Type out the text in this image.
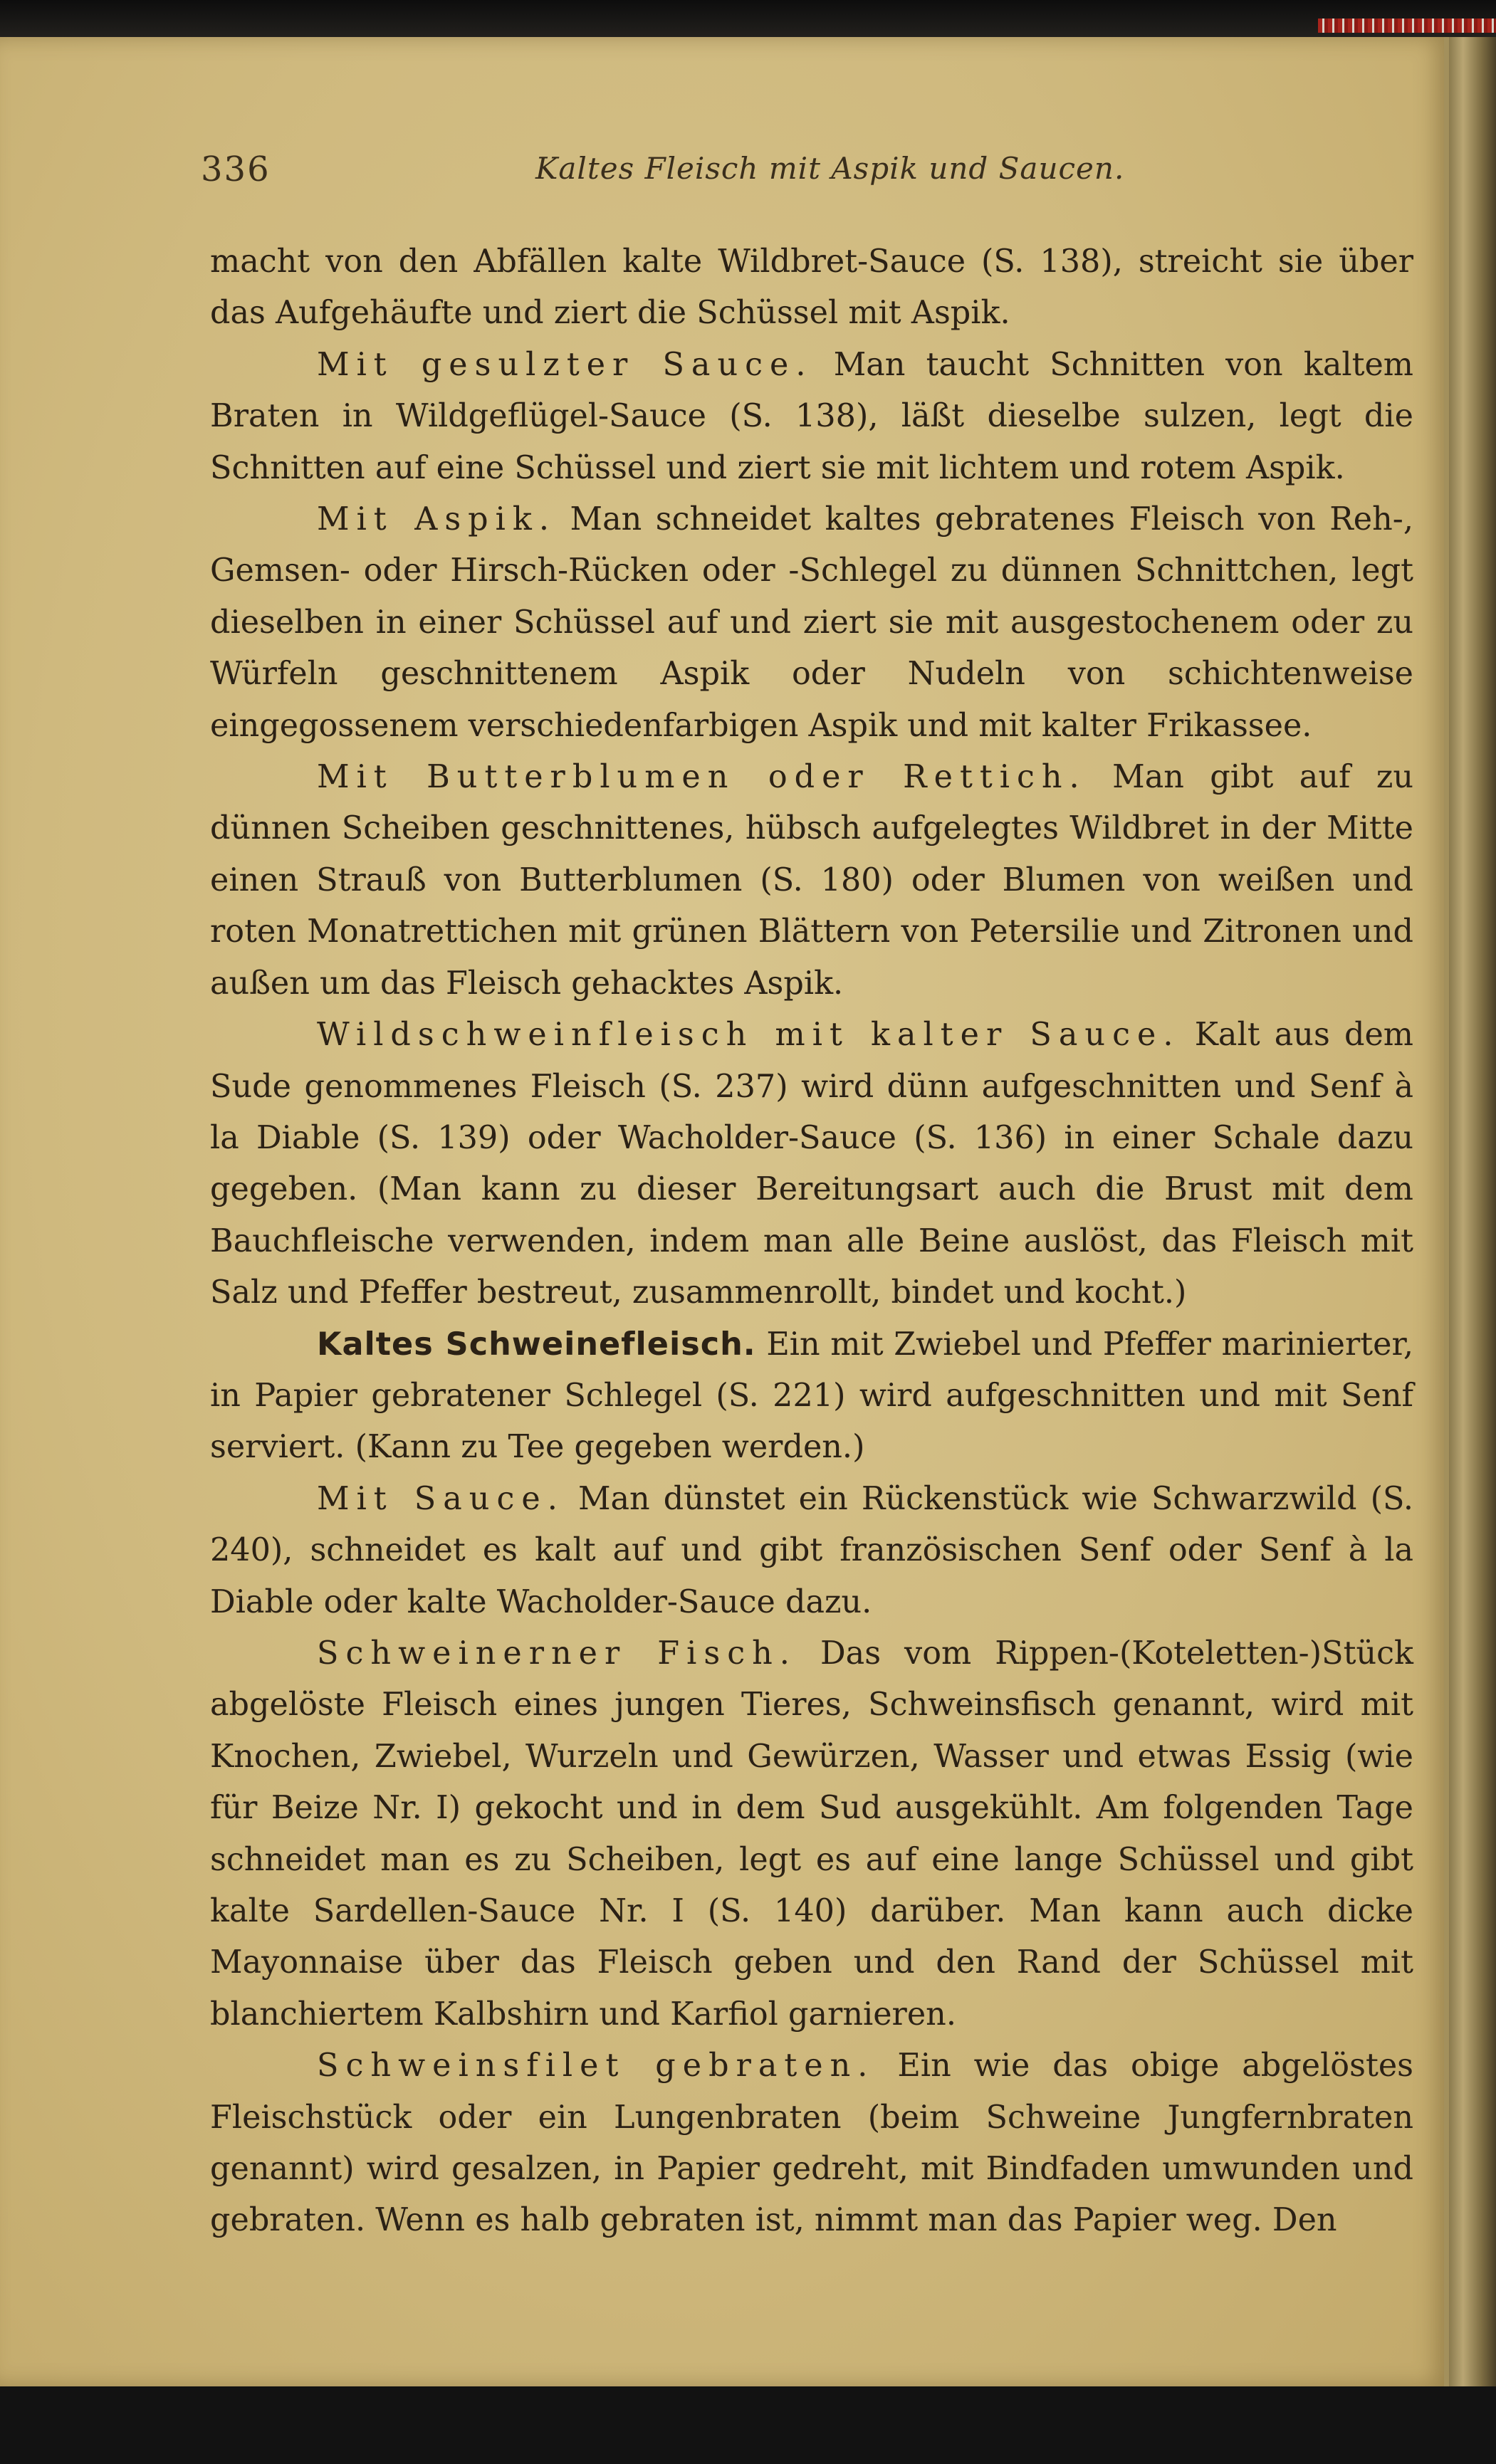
336	Kaltes Fleisch mit Aspik und Saucen.

macht von den Abfällen kalte Wildbret-Sauce (S. 138), streicht sie über das Aufgehäufte und ziert die Schüssel mit Aspik.

Mit gesulzter Sauce. Man taucht Schnitten von kaltem Braten in Wildgeflügel-Sauce (S. 138), läßt dieselbe sulzen, legt die Schnitten auf eine Schüssel und ziert sie mit lichtem und rotem Aspik.

Mit Aspik. Man schneidet kaltes gebratenes Fleisch von Reh-, Gemsen- oder Hirsch-Rücken oder -Schlegel zu dünnen Schnittchen, legt dieselben in einer Schüssel auf und ziert sie mit ausgestochenem oder zu Würfeln geschnittenem Aspik oder Nudeln von schichtenweise eingegossenem verschiedenfarbigen Aspik und mit kalter Frikassee.

Mit Butterblumen oder Rettich. Man gibt auf zu dünnen Scheiben geschnittenes, hübsch aufgelegtes Wildbret in der Mitte einen Strauß von Butterblumen (S. 180) oder Blumen von weißen und roten Monatrettichen mit grünen Blättern von Petersilie und Zitronen und außen um das Fleisch gehacktes Aspik.

Wildschweinfleisch mit kalter Sauce. Kalt aus dem Sude genommenes Fleisch (S. 237) wird dünn aufgeschnitten und Senf à la Diable (S. 139) oder Wacholder-Sauce (S. 136) in einer Schale dazu gegeben. (Man kann zu dieser Bereitungsart auch die Brust mit dem Bauchfleische verwenden, indem man alle Beine auslöst, das Fleisch mit Salz und Pfeffer bestreut, zusammenrollt, bindet und kocht.)

Kaltes Schweinefleisch. Ein mit Zwiebel und Pfeffer marinierter, in Papier gebratener Schlegel (S. 221) wird aufgeschnitten und mit Senf serviert. (Kann zu Tee gegeben werden.)

Mit Sauce. Man dünstet ein Rückenstück wie Schwarzwild (S. 240), schneidet es kalt auf und gibt französischen Senf oder Senf à la Diable oder kalte Wacholder-Sauce dazu.

Schweinerner Fisch. Das vom Rippen-(Koteletten-)Stück abgelöste Fleisch eines jungen Tieres, Schweinsfisch genannt, wird mit Knochen, Zwiebel, Wurzeln und Gewürzen, Wasser und etwas Essig (wie für Beize Nr. I) gekocht und in dem Sud ausgekühlt. Am folgenden Tage schneidet man es zu Scheiben, legt es auf eine lange Schüssel und gibt kalte Sardellen-Sauce Nr. I (S. 140) darüber. Man kann auch dicke Mayonnaise über das Fleisch geben und den Rand der Schüssel mit blanchiertem Kalbshirn und Karfiol garnieren.

Schweinsfilet gebraten. Ein wie das obige abgelöstes Fleischstück oder ein Lungenbraten (beim Schweine Jungfernbraten genannt) wird gesalzen, in Papier gedreht, mit Bindfaden umwunden und gebraten. Wenn es halb gebraten ist, nimmt man das Papier weg. Den
